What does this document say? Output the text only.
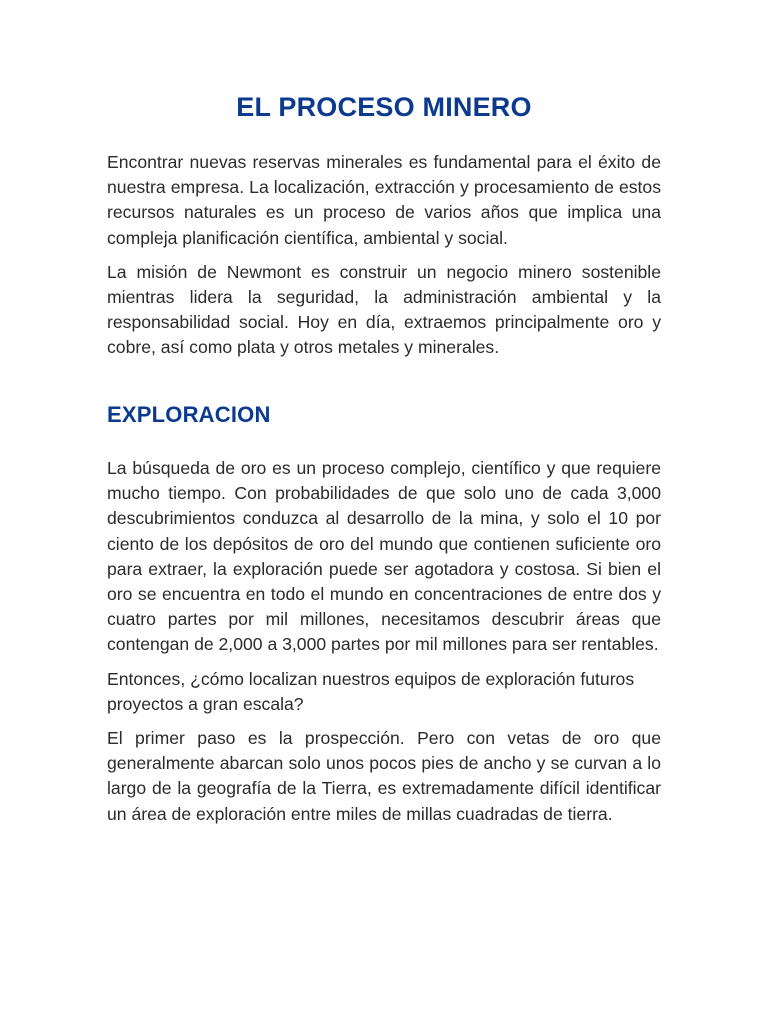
EL PROCESO MINERO

Encontrar nuevas reservas minerales es fundamental para el éxito de nuestra empresa. La localización, extracción y procesamiento de estos recursos naturales es un proceso de varios años que implica una compleja planificación científica, ambiental y social.

La misión de Newmont es construir un negocio minero sostenible mientras lidera la seguridad, la administración ambiental y la responsabilidad social. Hoy en día, extraemos principalmente oro y cobre, así como plata y otros metales y minerales.

EXPLORACION

La búsqueda de oro es un proceso complejo, científico y que requiere mucho tiempo. Con probabilidades de que solo uno de cada 3,000 descubrimientos conduzca al desarrollo de la mina, y solo el 10 por ciento de los depósitos de oro del mundo que contienen suficiente oro para extraer, la exploración puede ser agotadora y costosa. Si bien el oro se encuentra en todo el mundo en concentraciones de entre dos y cuatro partes por mil millones, necesitamos descubrir áreas que contengan de 2,000 a 3,000 partes por mil millones para ser rentables.

Entonces, ¿cómo localizan nuestros equipos de exploración futuros proyectos a gran escala?

El primer paso es la prospección. Pero con vetas de oro que generalmente abarcan solo unos pocos pies de ancho y se curvan a lo largo de la geografía de la Tierra, es extremadamente difícil identificar un área de exploración entre miles de millas cuadradas de tierra.
